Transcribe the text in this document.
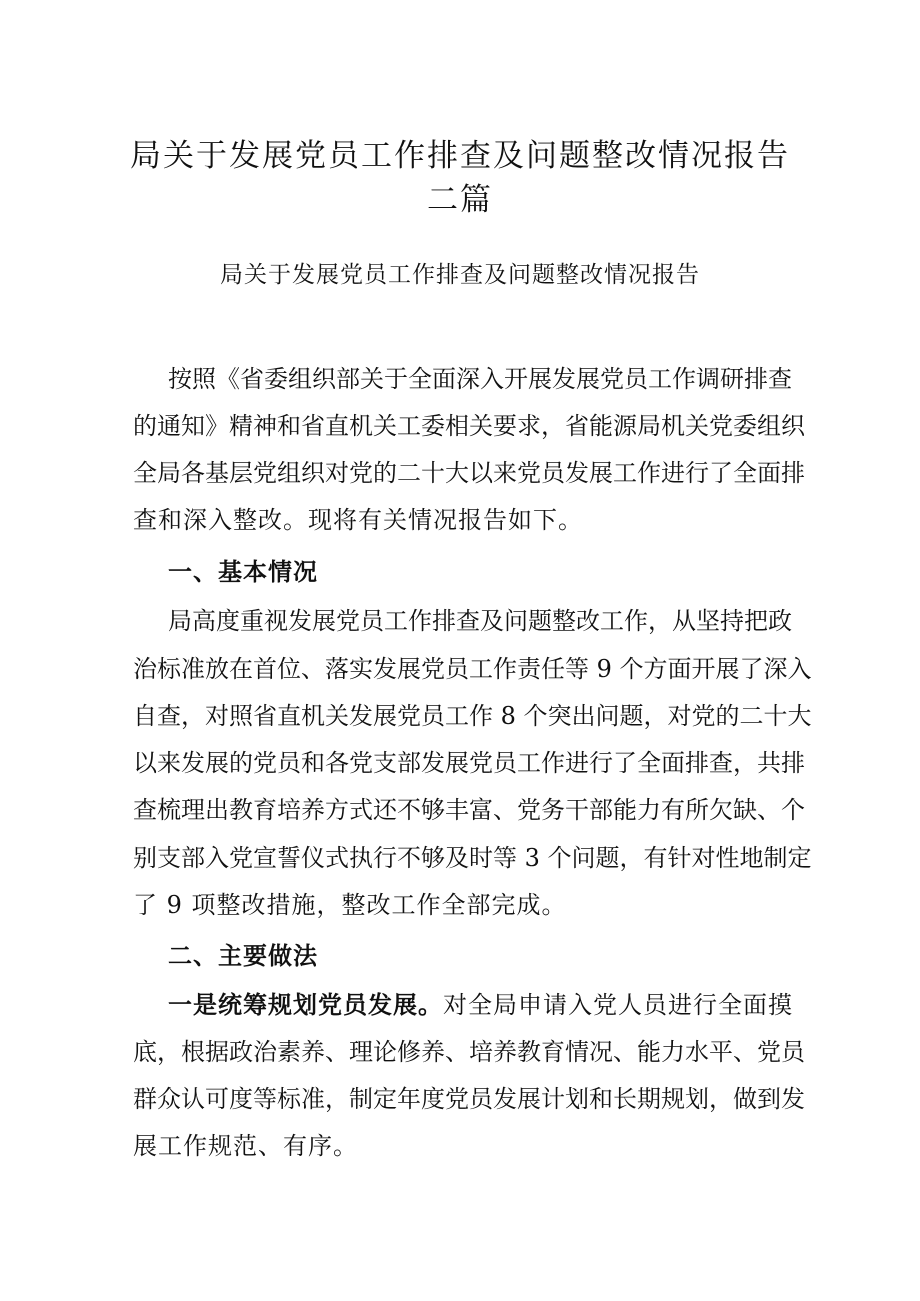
局关于发展党员工作排查及问题整改情况报告
二篇
局关于发展党员工作排查及问题整改情况报告
按照《省委组织部关于全面深入开展发展党员工作调研排查
的通知》精神和省直机关工委相关要求，省能源局机关党委组织
全局各基层党组织对党的二十大以来党员发展工作进行了全面排
查和深入整改。现将有关情况报告如下。
一、基本情况
局高度重视发展党员工作排查及问题整改工作，从坚持把政
治标准放在首位、落实发展党员工作责任等 9 个方面开展了深入
自查，对照省直机关发展党员工作 8 个突出问题，对党的二十大
以来发展的党员和各党支部发展党员工作进行了全面排查，共排
查梳理出教育培养方式还不够丰富、党务干部能力有所欠缺、个
别支部入党宣誓仪式执行不够及时等 3 个问题，有针对性地制定
了 9 项整改措施，整改工作全部完成。
二、主要做法
一是统筹规划党员发展。对全局申请入党人员进行全面摸
底，根据政治素养、理论修养、培养教育情况、能力水平、党员
群众认可度等标准，制定年度党员发展计划和长期规划，做到发
展工作规范、有序。
